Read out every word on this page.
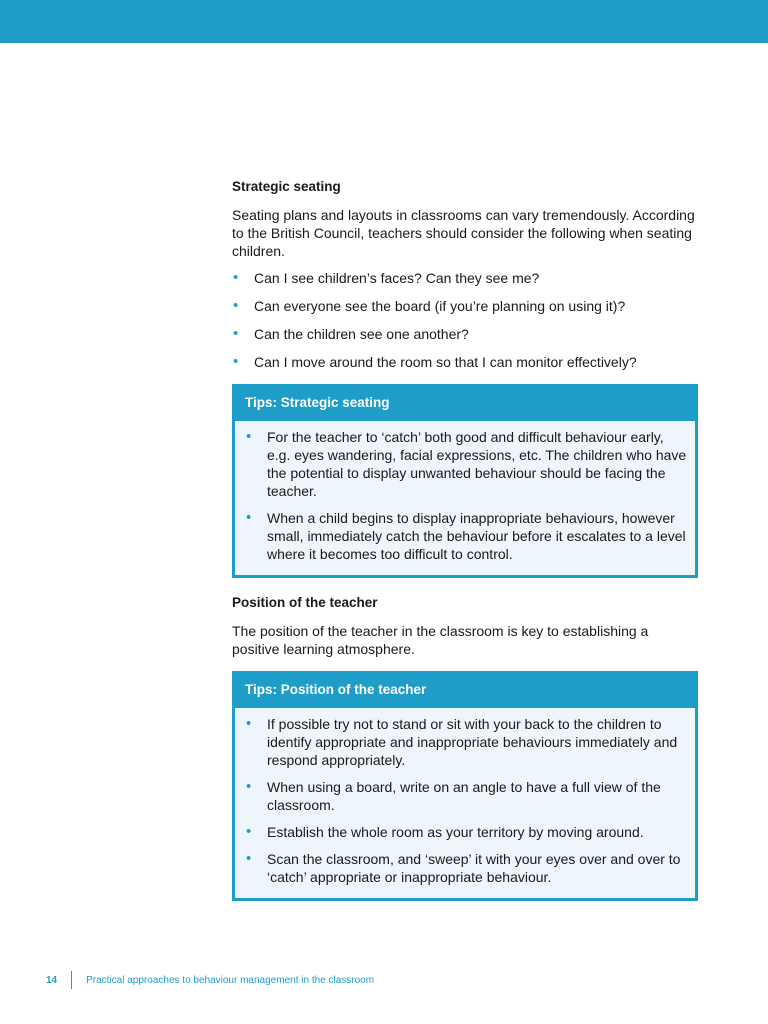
Strategic seating

Seating plans and layouts in classrooms can vary tremendously. According to the British Council, teachers should consider the following when seating children.

• Can I see children’s faces? Can they see me?
• Can everyone see the board (if you’re planning on using it)?
• Can the children see one another?
• Can I move around the room so that I can monitor effectively?
Tips: Strategic seating
• For the teacher to ‘catch’ both good and difficult behaviour early, e.g. eyes wandering, facial expressions, etc. The children who have the potential to display unwanted behaviour should be facing the teacher.
• When a child begins to display inappropriate behaviours, however small, immediately catch the behaviour before it escalates to a level where it becomes too difficult to control.
Position of the teacher

The position of the teacher in the classroom is key to establishing a positive learning atmosphere.

Tips: Position of the teacher
• If possible try not to stand or sit with your back to the children to identify appropriate and inappropriate behaviours immediately and respond appropriately.
• When using a board, write on an angle to have a full view of the classroom.
• Establish the whole room as your territory by moving around.
• Scan the classroom, and ‘sweep’ it with your eyes over and over to ‘catch’ appropriate or inappropriate behaviour.
14	Practical approaches to behaviour management in the classroom
